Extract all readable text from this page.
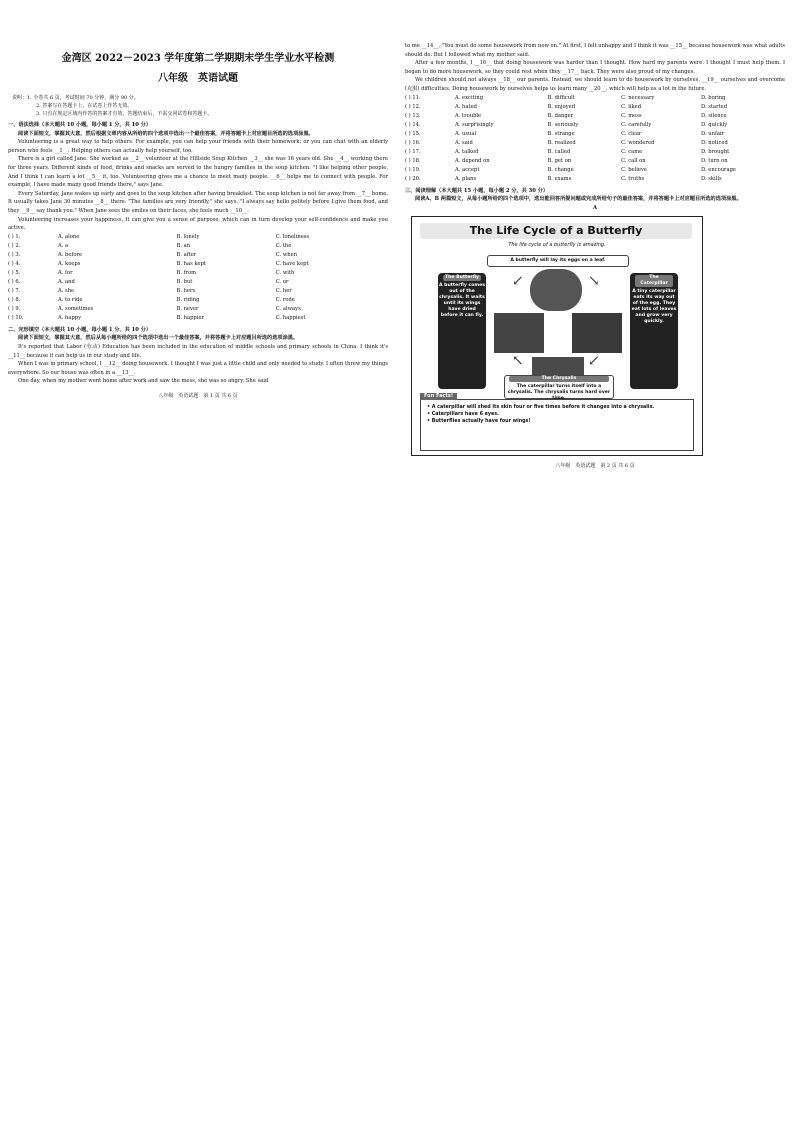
金湾区 2022－2023 学年度第二学期期末学生学业水平检测
八年级　英语试题
说明：1. 全卷共 6 页，考试时间 70 分钟，满分 90 分。
2. 答案写在答题卡上，在试卷上作答无效。
3. 只有在规定区域内作答的答案才有效，答题结束后，不需交回试卷和答题卡。
一、语法选择（本大题共 10 小题，每小题 1 分，共 10 分）

阅读下面短文，掌握其大意，然后根据文章内容从所给的四个选项中选出一个最佳答案，并将答题卡上对应题目所选的选项涂黑。

Volunteering is a great way to help others. For example, you can help your friends with their homework; or you can chat with an elderly person who feels __1__. Helping others can actually help yourself, too.

There is a girl called Jane. She worked as __2__ volunteer at the Hillside Soup Kitchen __3__ she was 16 years old. She __4__ working there for three years. Different kinds of food, drinks and snacks are served to the hungry families in the soup kitchen. "I like helping other people. And I think I can learn a lot __5__ it, too. Volunteering gives me a chance to meet many people. __6__ helps me to connect with people. For example, I have made many good friends there," says Jane.

Every Saturday, Jane wakes up early and goes to the soup kitchen after having breakfast. The soup kitchen is not far away from __7__ home. It usually takes Jane 30 minutes __8__ there. "The families are very friendly," she says. "I always say hello politely before I give them food, and they __9__ say thank you." When Jane sees the smiles on their faces, she feels much __10__.

Volunteering increases your happiness. It can give you a sense of purpose, which can in turn develop your self-confidence and make you active.

( ) 1.	A. alone	B. lonely	C. loneliness
( ) 2.	A. a	B. an	C. the
( ) 3.	A. before	B. after	C. when
( ) 4.	A. keeps	B. has kept	C. have kept
( ) 5.	A. for	B. from	C. with
( ) 6.	A. and	B. but	C. or
( ) 7.	A. she	B. hers	C. her
( ) 8.	A. to ride	B. riding	C. rode
( ) 9.	A. sometimes	B. never	C. always
( ) 10.	A. happy	B. happier	C. happiest
二、完形填空（本大题共 10 小题，每小题 1 分，共 10 分）

阅读下面短文，掌握其大意，然后从每小题所给的四个选项中选出一个最佳答案，并将答题卡上对应题目所选的选项涂黑。

It's reported that Labor (劳动) Education has been included in the education of middle schools and primary schools in China. I think it's __11__ because it can help us in our study and life.

When I was in primary school, I __12__ doing housework. I thought I was just a little child and only needed to study. I often threw my things everywhere. So our house was often in a __13__.

One day, when my mother went home after work and saw the mess, she was so angry. She said

八年级　英语试题　第 1 页 共 6 页

to me __14__, "You must do some housework from now on." At first, I felt unhappy and I think it was __15__ because housework was what adults should do. But I followed what my mother said.

After a few months, I __16__ that doing housework was harder than I thought. How hard my parents were. I thought I must help them. I began to do more housework, so they could rest when they __17__ back. They were also proud of my changes.

We children should not always __18__ our parents. Instead, we should learn to do housework by ourselves, __19__ ourselves and overcome (克服) difficulties. Doing housework by ourselves helps us learn many __20__, which will help us a lot in the future.

( ) 11.	A. exciting	B. difficult	C. necessary	D. boring
( ) 12.	A. hated	B. enjoyed	C. liked	D. started
( ) 13.	A. trouble	B. danger	C. mess	D. silence
( ) 14.	A. surprisingly	B. seriously	C. carefully	D. quickly
( ) 15.	A. usual	B. strange	C. clear	D. unfair
( ) 16.	A. said	B. realized	C. wondered	D. noticed
( ) 17.	A. talked	B. called	C. came	D. brought
( ) 18.	A. depend on	B. get on	C. call on	D. turn on
( ) 19.	A. accept	B. change	C. believe	D. encourage
( ) 20.	A. plans	B. exams	C. truths	D. skills
三、阅读理解（本大题共 15 小题，每小题 2 分，共 30 分）

阅读A、B 两篇短文，从每小题所给的四个选项中，选出能回答所提问题或完成所给句子的最佳答案，并将答题卡上对应题目所选的选项涂黑。

A
The Life Cycle of a Butterfly
The life cycle of a butterfly is amazing.
A butterfly will lay its eggs on a leaf.
↙	↘
↖	↙
The Butterfly
A butterfly comes out of the chrysalis. It waits until its wings have dried before it can fly.
The Caterpillar
A tiny caterpillar eats its way out of the egg. They eat lots of leaves and grow very quickly.
The Chrysalis
The caterpillar turns itself into a chrysalis. The chrysalis turns hard over time.
Fun Facts!
• A caterpillar will shed its skin four or five times before it changes into a chrysalis.
• Caterpillars have 6 eyes.
• Butterflies actually have four wings!
八年级　英语试题　第 2 页 共 6 页
